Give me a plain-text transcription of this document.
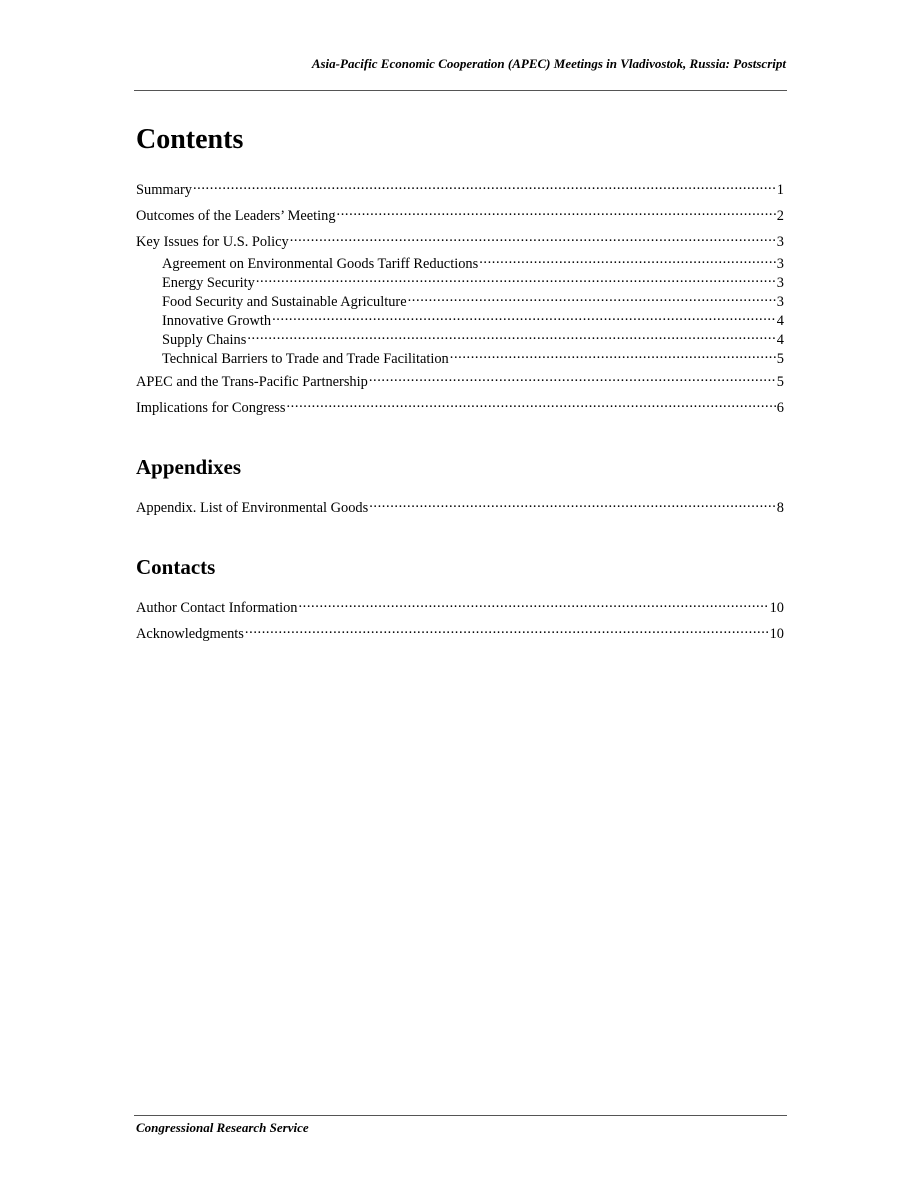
Asia-Pacific Economic Cooperation (APEC) Meetings in Vladivostok, Russia: Postscript
Contents
Summary .....	1
Outcomes of the Leaders’ Meeting .....	2
Key Issues for U.S. Policy .....	3
Agreement on Environmental Goods Tariff Reductions .....	3
Energy Security .....	3
Food Security and Sustainable Agriculture .....	3
Innovative Growth .....	4
Supply Chains .....	4
Technical Barriers to Trade and Trade Facilitation .....	5
APEC and the Trans-Pacific Partnership .....	5
Implications for Congress .....	6
Appendixes
Appendix. List of Environmental Goods .....	8
Contacts
Author Contact Information .....	10
Acknowledgments .....	10
Congressional Research Service
